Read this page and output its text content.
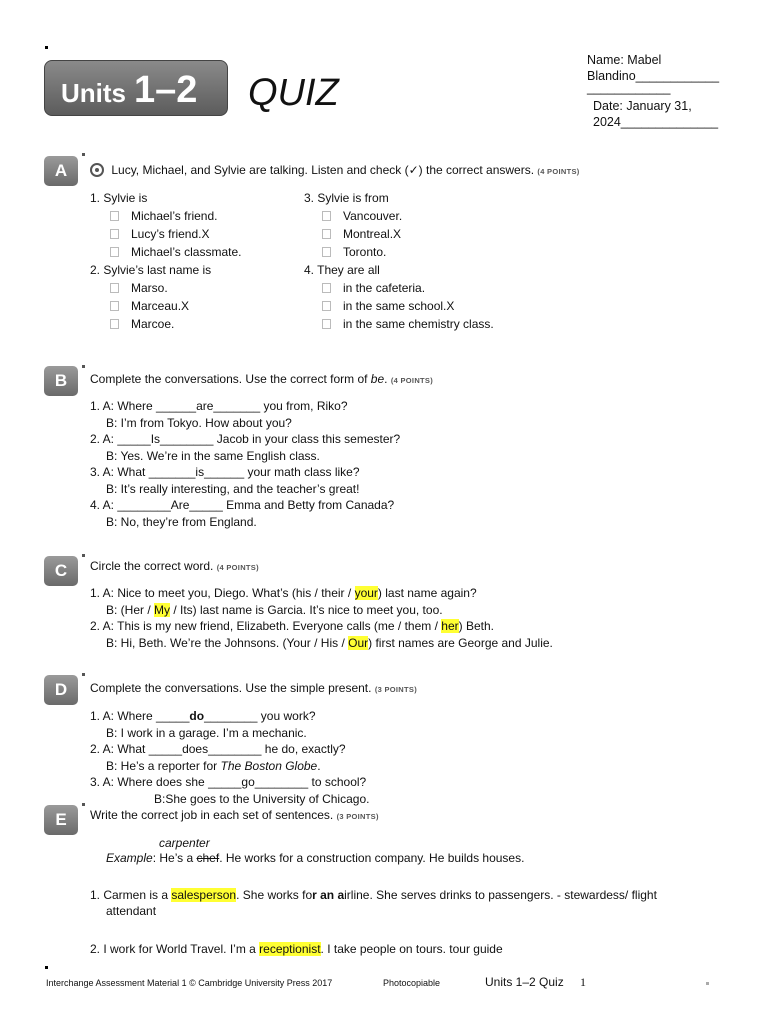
Units 1–2 QUIZ
Name: Mabel
Blandino____________
____________
Date: January 31,
2024______________
A	Lucy, Michael, and Sylvie are talking. Listen and check (✓) the correct answers. (4 POINTS)
1. Sylvie is
Michael’s friend.
Lucy’s friend.X
Michael’s classmate.
2. Sylvie’s last name is
Marso.
Marceau.X
Marcoe.
3. Sylvie is from
Vancouver.
Montreal.X
Toronto.
4. They are all
in the cafeteria.
in the same school.X
in the same chemistry class.
B	Complete the conversations. Use the correct form of be. (4 POINTS)
1. A: Where ______are_______ you from, Riko?
B: I’m from Tokyo. How about you?
2. A: _____Is________ Jacob in your class this semester?
B: Yes. We’re in the same English class.
3. A: What _______is______ your math class like?
B: It’s really interesting, and the teacher’s great!
4. A: ________Are_____ Emma and Betty from Canada?
B: No, they’re from England.
C	Circle the correct word. (4 POINTS)
1. A: Nice to meet you, Diego. What’s (his / their / your) last name again?
B: (Her / My / Its) last name is Garcia. It’s nice to meet you, too.
2. A: This is my new friend, Elizabeth. Everyone calls (me / them / her) Beth.
B: Hi, Beth. We’re the Johnsons. (Your / His / Our) first names are George and Julie.
D	Complete the conversations. Use the simple present. (3 POINTS)
1. A: Where _____do________ you work?
B: I work in a garage. I’m a mechanic.
2. A: What _____does________ he do, exactly?
B: He’s a reporter for The Boston Globe.
3. A: Where does she _____go________ to school?
B:She goes to the University of Chicago.
E	Write the correct job in each set of sentences. (3 POINTS)
carpenter
Example: He’s a chef. He works for a construction company. He builds houses.
1. Carmen is a salesperson. She works for an airline. She serves drinks to passengers. - stewardess/ flight
attendant
2. I work for World Travel. I’m a receptionist. I take people on tours. tour guide
Interchange Assessment Material 1 © Cambridge University Press 2017	Photocopiable	Units 1–2 Quiz 1
